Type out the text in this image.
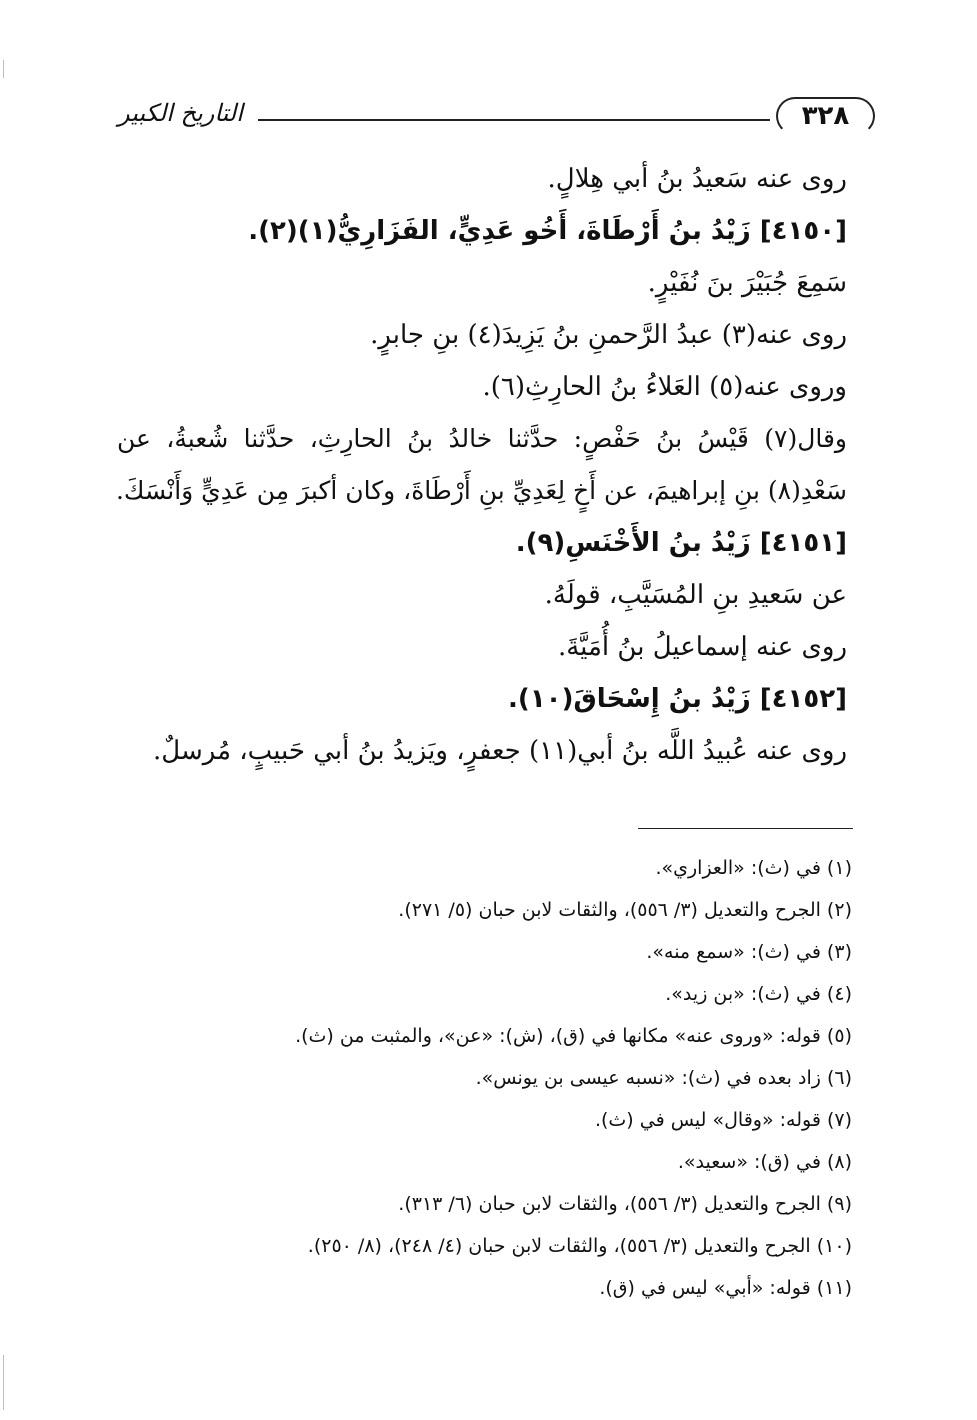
٣٢٨
التاريخ الكبير
روى عنه سَعيدُ بنُ أبي هِلالٍ.
[٤١٥٠] زَيْدُ بنُ أَرْطَاةَ، أَخُو عَدِيٍّ، الفَزَارِيُّ(١)(٢).
سَمِعَ جُبَيْرَ بنَ نُفَيْرٍ.
روى عنه(٣) عبدُ الرَّحمنِ بنُ يَزِيدَ(٤) بنِ جابرٍ.
وروى عنه(٥) العَلاءُ بنُ الحارِثِ(٦).
وقال(٧) قَيْسُ بنُ حَفْصٍ: حدَّثنا خالدُ بنُ الحارِثِ، حدَّثنا شُعبةُ، عن
سَعْدِ(٨) بنِ إبراهيمَ، عن أَخٍ لِعَدِيِّ بنِ أَرْطَاةَ، وكان أكبرَ مِن عَدِيٍّ وَأَنْسَكَ.
[٤١٥١] زَيْدُ بنُ الأَخْنَسِ(٩).
عن سَعيدِ بنِ المُسَيَّبِ، قولَهُ.
روى عنه إسماعيلُ بنُ أُمَيَّةَ.
[٤١٥٢] زَيْدُ بنُ إِسْحَاقَ(١٠).
روى عنه عُبيدُ اللَّه بنُ أبي(١١) جعفرٍ، ويَزيدُ بنُ أبي حَبيبٍ، مُرسلٌ.
(١) في (ث): «العزاري».
(٢) الجرح والتعديل (٣/ ٥٥٦)، والثقات لابن حبان (٥/ ٢٧١).
(٣) في (ث): «سمع منه».
(٤) في (ث): «بن زيد».
(٥) قوله: «وروى عنه» مكانها في (ق)، (ش): «عن»، والمثبت من (ث).
(٦) زاد بعده في (ث): «نسبه عيسى بن يونس».
(٧) قوله: «وقال» ليس في (ث).
(٨) في (ق): «سعيد».
(٩) الجرح والتعديل (٣/ ٥٥٦)، والثقات لابن حبان (٦/ ٣١٣).
(١٠) الجرح والتعديل (٣/ ٥٥٦)، والثقات لابن حبان (٤/ ٢٤٨)، (٨/ ٢٥٠).
(١١) قوله: «أبي» ليس في (ق).
